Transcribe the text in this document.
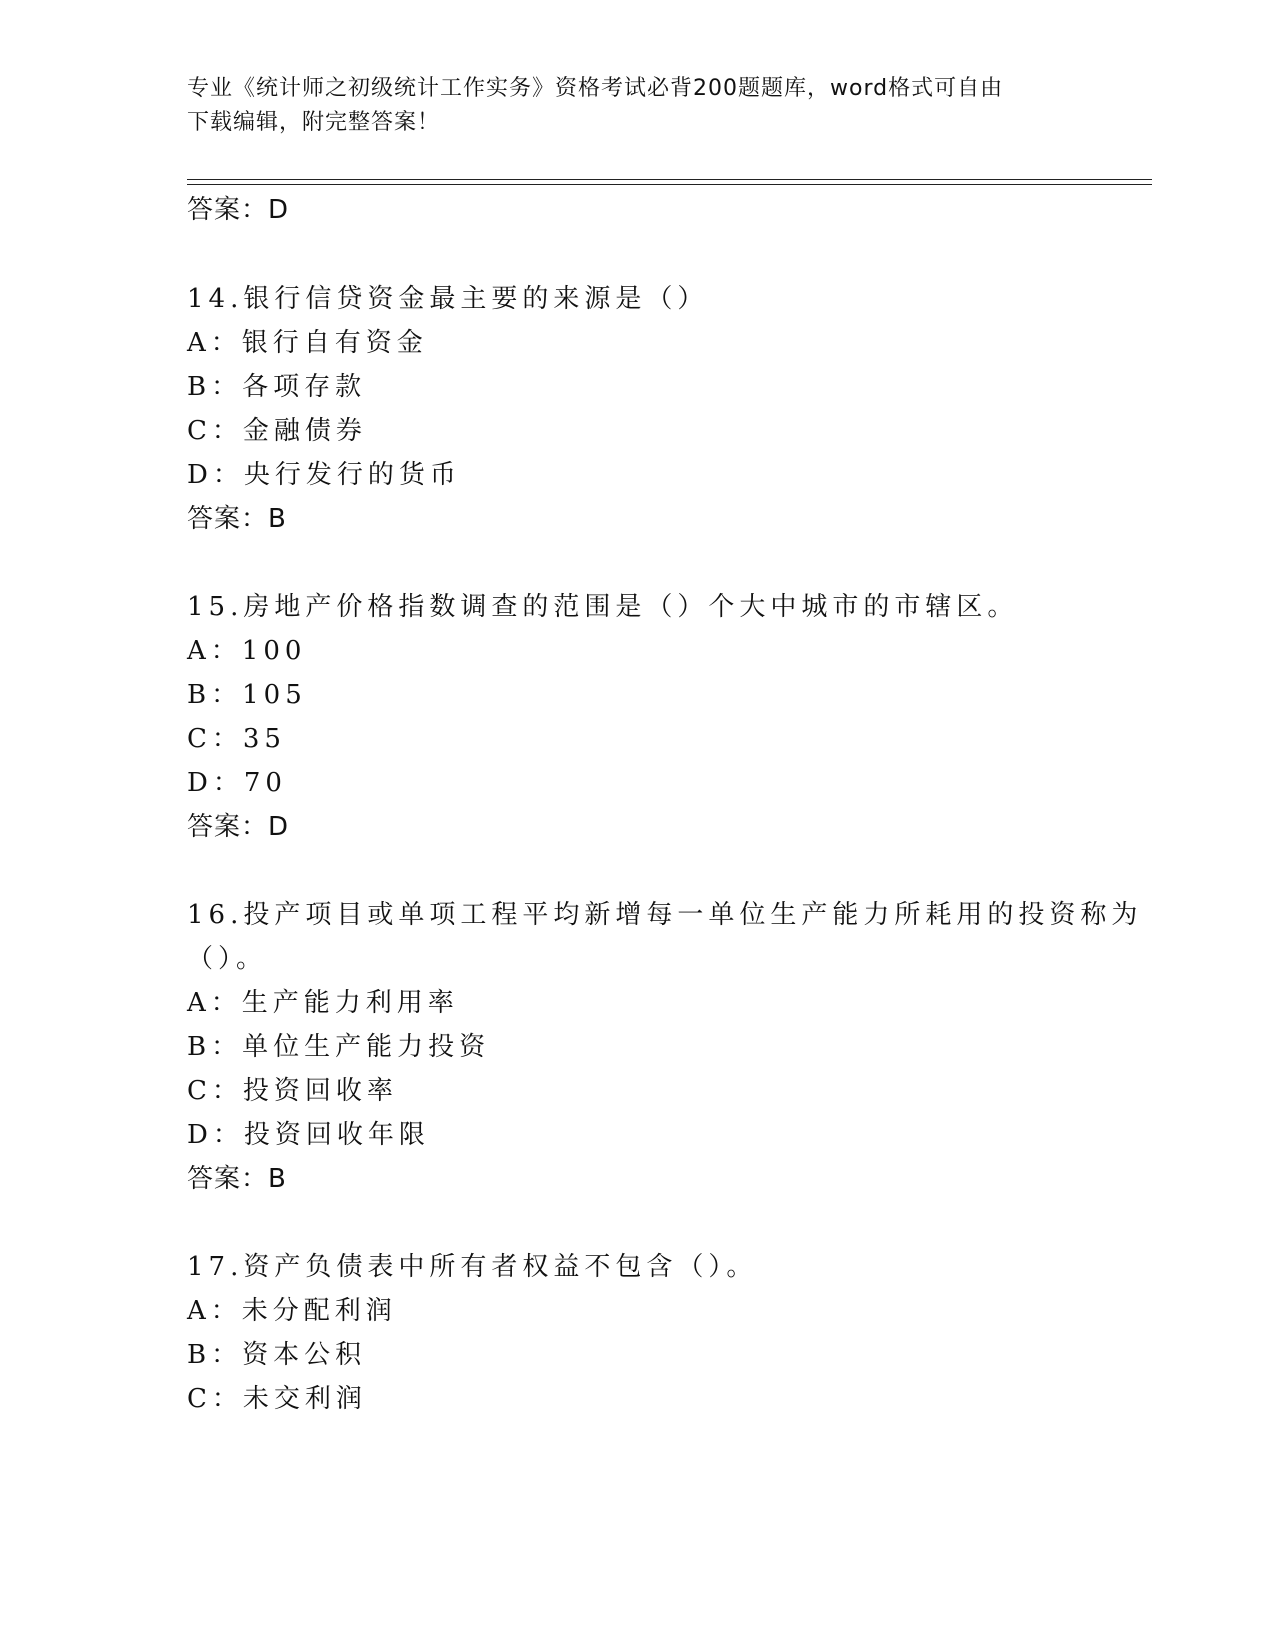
专业《统计师之初级统计工作实务》资格考试必背200题题库，word格式可自由
下载编辑，附完整答案！
答案：D
14.银行信贷资金最主要的来源是（）
A：银行自有资金
B：各项存款
C：金融债券
D：央行发行的货币
答案：B
15.房地产价格指数调查的范围是（）个大中城市的市辖区。
A：100
B：105
C：35
D：70
答案：D
16.投产项目或单项工程平均新增每一单位生产能力所耗用的投资称为
（）。
A：生产能力利用率
B：单位生产能力投资
C：投资回收率
D：投资回收年限
答案：B
17.资产负债表中所有者权益不包含（）。
A：未分配利润
B：资本公积
C：未交利润
